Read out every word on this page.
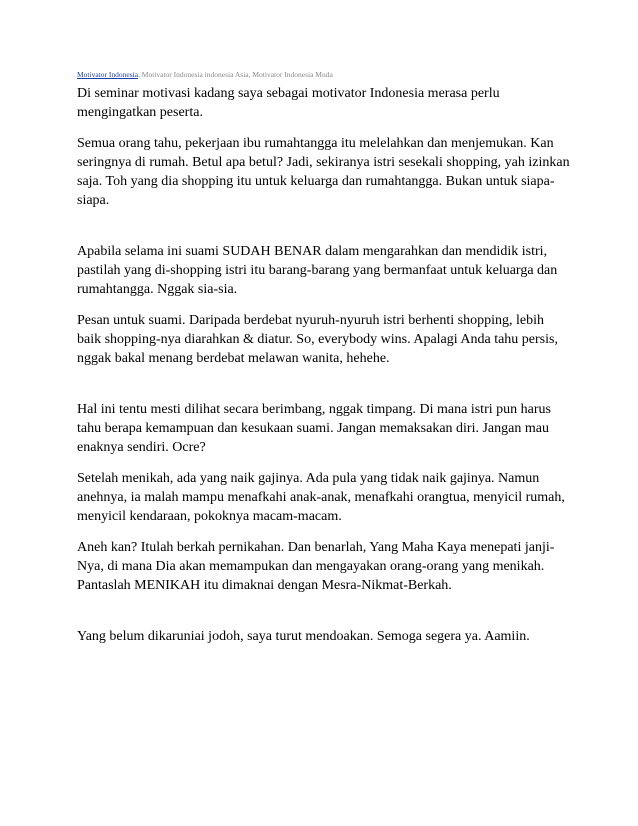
Motivator Indonesia, Motivator Indonesia indonesia Asia, Motivator Indonesia Muda

Di seminar motivasi kadang saya sebagai motivator Indonesia merasa perlu mengingatkan peserta.

Semua orang tahu, pekerjaan ibu rumahtangga itu melelahkan dan menjemukan. Kan seringnya di rumah. Betul apa betul? Jadi, sekiranya istri sesekali shopping, yah izinkan saja. Toh yang dia shopping itu untuk keluarga dan rumahtangga. Bukan untuk siapa-siapa.

Apabila selama ini suami SUDAH BENAR dalam mengarahkan dan mendidik istri, pastilah yang di-shopping istri itu barang-barang yang bermanfaat untuk keluarga dan rumahtangga. Nggak sia-sia.

Pesan untuk suami. Daripada berdebat nyuruh-nyuruh istri berhenti shopping, lebih baik shopping-nya diarahkan & diatur. So, everybody wins. Apalagi Anda tahu persis, nggak bakal menang berdebat melawan wanita, hehehe.

Hal ini tentu mesti dilihat secara berimbang, nggak timpang. Di mana istri pun harus tahu berapa kemampuan dan kesukaan suami. Jangan memaksakan diri. Jangan mau enaknya sendiri. Ocre?

Setelah menikah, ada yang naik gajinya. Ada pula yang tidak naik gajinya. Namun anehnya, ia malah mampu menafkahi anak-anak, menafkahi orangtua, menyicil rumah, menyicil kendaraan, pokoknya macam-macam.

Aneh kan? Itulah berkah pernikahan. Dan benarlah, Yang Maha Kaya menepati janji-Nya, di mana Dia akan memampukan dan mengayakan orang-orang yang menikah. Pantaslah MENIKAH itu dimaknai dengan Mesra-Nikmat-Berkah.

Yang belum dikaruniai jodoh, saya turut mendoakan. Semoga segera ya. Aamiin.
